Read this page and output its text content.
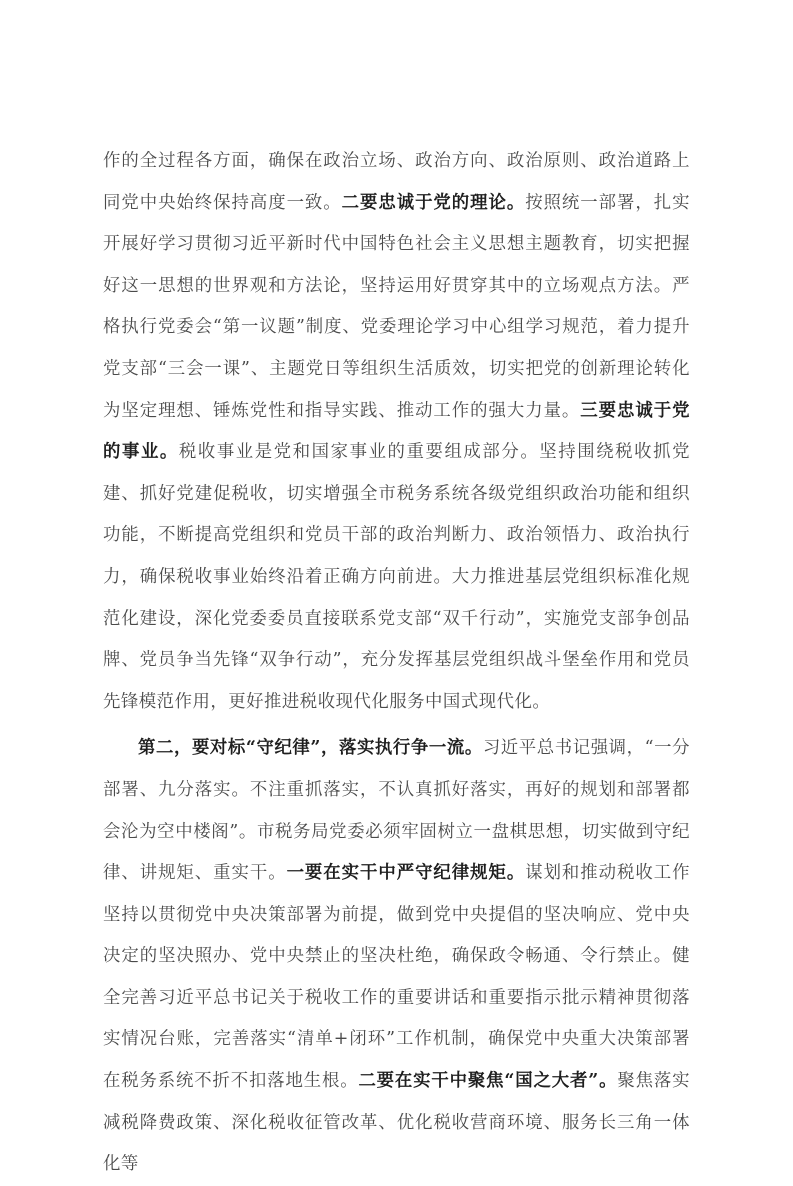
作的全过程各方面，确保在政治立场、政治方向、政治原则、政治道路上同党中央始终保持高度一致。二要忠诚于党的理论。按照统一部署，扎实开展好学习贯彻习近平新时代中国特色社会主义思想主题教育，切实把握好这一思想的世界观和方法论，坚持运用好贯穿其中的立场观点方法。严格执行党委会“第一议题”制度、党委理论学习中心组学习规范，着力提升党支部“三会一课”、主题党日等组织生活质效，切实把党的创新理论转化为坚定理想、锤炼党性和指导实践、推动工作的强大力量。三要忠诚于党的事业。税收事业是党和国家事业的重要组成部分。坚持围绕税收抓党建、抓好党建促税收，切实增强全市税务系统各级党组织政治功能和组织功能，不断提高党组织和党员干部的政治判断力、政治领悟力、政治执行力，确保税收事业始终沿着正确方向前进。大力推进基层党组织标准化规范化建设，深化党委委员直接联系党支部“双千行动”，实施党支部争创品牌、党员争当先锋“双争行动”，充分发挥基层党组织战斗堡垒作用和党员先锋模范作用，更好推进税收现代化服务中国式现代化。

第二，要对标“守纪律”，落实执行争一流。习近平总书记强调，“一分部署、九分落实。不注重抓落实，不认真抓好落实，再好的规划和部署都会沦为空中楼阁”。市税务局党委必须牢固树立一盘棋思想，切实做到守纪律、讲规矩、重实干。一要在实干中严守纪律规矩。谋划和推动税收工作坚持以贯彻党中央决策部署为前提，做到党中央提倡的坚决响应、党中央决定的坚决照办、党中央禁止的坚决杜绝，确保政令畅通、令行禁止。健全完善习近平总书记关于税收工作的重要讲话和重要指示批示精神贯彻落实情况台账，完善落实“清单+闭环”工作机制，确保党中央重大决策部署在税务系统不折不扣落地生根。二要在实干中聚焦“国之大者”。聚焦落实减税降费政策、深化税收征管改革、优化税收营商环境、服务长三角一体化等
